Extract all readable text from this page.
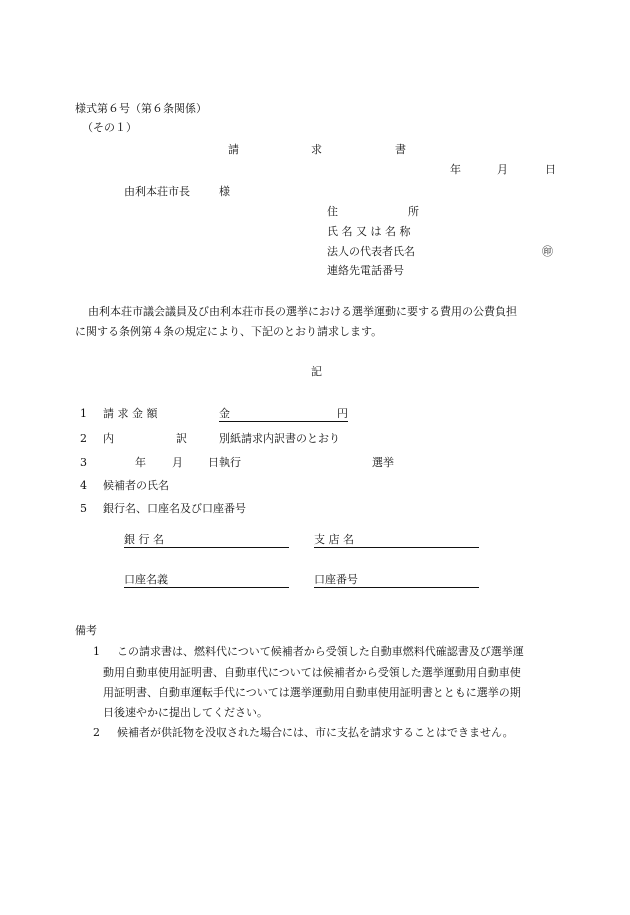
様式第６号（第６条関係）
（その１）
請	求	書
年	月	日
由利本荘市長	様
住	所
氏 名 又 は 名 称
法人の代表者氏名	㊞
連絡先電話番号
由利本荘市議会議員及び由利本荘市長の選挙における選挙運動に要する費用の公費負担
に関する条例第４条の規定により、下記のとおり請求します。
記
1 請 求 金 額	金	円
2 内	訳	別紙請求内訳書のとおり
3	年 月 日執行	選挙
4 候補者の氏名
5 銀行名、口座名及び口座番号
銀 行 名	支 店 名
口座名義	口座番号
備考
1 この請求書は、燃料代について候補者から受領した自動車燃料代確認書及び選挙運
動用自動車使用証明書、自動車代については候補者から受領した選挙運動用自動車使
用証明書、自動車運転手代については選挙運動用自動車使用証明書とともに選挙の期
日後速やかに提出してください。
2 候補者が供託物を没収された場合には、市に支払を請求することはできません。
